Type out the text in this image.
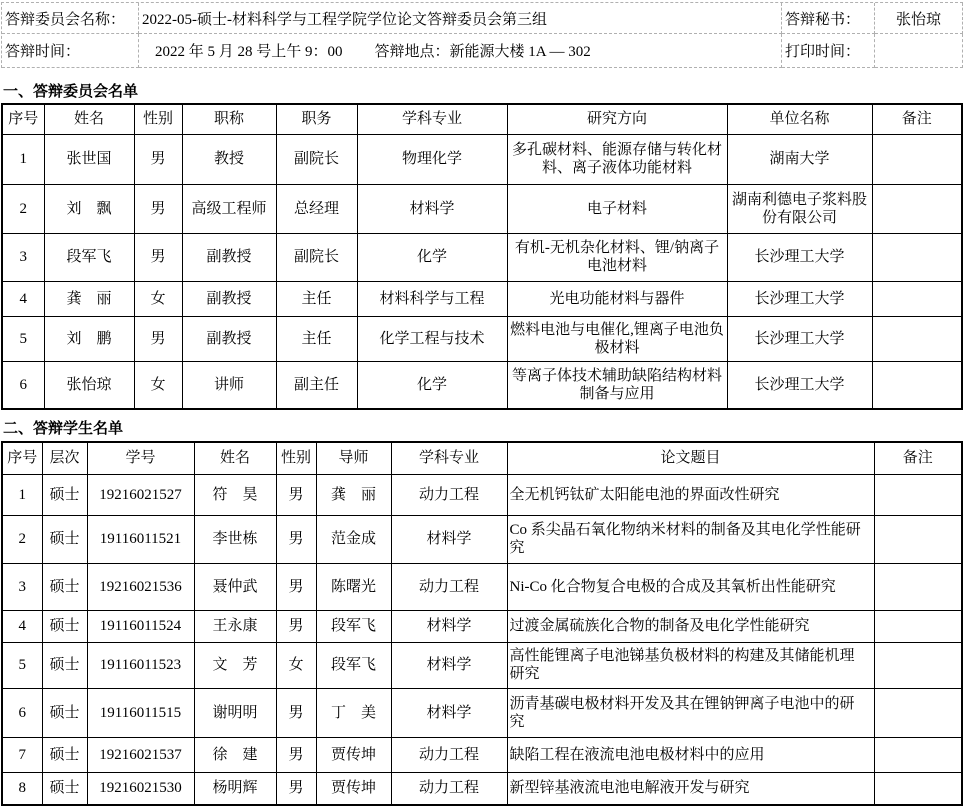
答辩委员会名称：	2022-05-硕士-材料科学与工程学院学位论文答辩委员会第三组	答辩秘书：	张怡琼
答辩时间：	2022 年 5 月 28 号上午 9：00 答辩地点：新能源大楼 1A — 302	打印时间：
一、答辩委员会名单
序号	姓名	性别	职称	职务	学科专业	研究方向	单位名称	备注
1	张世国	男	教授	副院长	物理化学	多孔碳材料、能源存储与转化材料、离子液体功能材料	湖南大学	
2	刘　飘	男	高级工程师	总经理	材料学	电子材料	湖南利德电子浆料股份有限公司	
3	段军飞	男	副教授	副院长	化学	有机-无机杂化材料、锂/钠离子电池材料	长沙理工大学	
4	龚　丽	女	副教授	主任	材料科学与工程	光电功能材料与器件	长沙理工大学	
5	刘　鹏	男	副教授	主任	化学工程与技术	燃料电池与电催化,锂离子电池负极材料	长沙理工大学	
6	张怡琼	女	讲师	副主任	化学	等离子体技术辅助缺陷结构材料制备与应用	长沙理工大学	
二、答辩学生名单
序号	层次	学号	姓名	性别	导师	学科专业	论文题目	备注
1	硕士	19216021527	符　昊	男	龚　丽	动力工程	全无机钙钛矿太阳能电池的界面改性研究	
2	硕士	19116011521	李世栋	男	范金成	材料学	Co 系尖晶石氧化物纳米材料的制备及其电化学性能研究	
3	硕士	19216021536	聂仲武	男	陈曙光	动力工程	Ni-Co 化合物复合电极的合成及其氧析出性能研究	
4	硕士	19116011524	王永康	男	段军飞	材料学	过渡金属硫族化合物的制备及电化学性能研究	
5	硕士	19116011523	文　芳	女	段军飞	材料学	高性能锂离子电池锑基负极材料的构建及其储能机理研究	
6	硕士	19116011515	谢明明	男	丁　美	材料学	沥青基碳电极材料开发及其在锂钠钾离子电池中的研究	
7	硕士	19216021537	徐　建	男	贾传坤	动力工程	缺陷工程在液流电池电极材料中的应用	
8	硕士	19216021530	杨明辉	男	贾传坤	动力工程	新型锌基液流电池电解液开发与研究	
